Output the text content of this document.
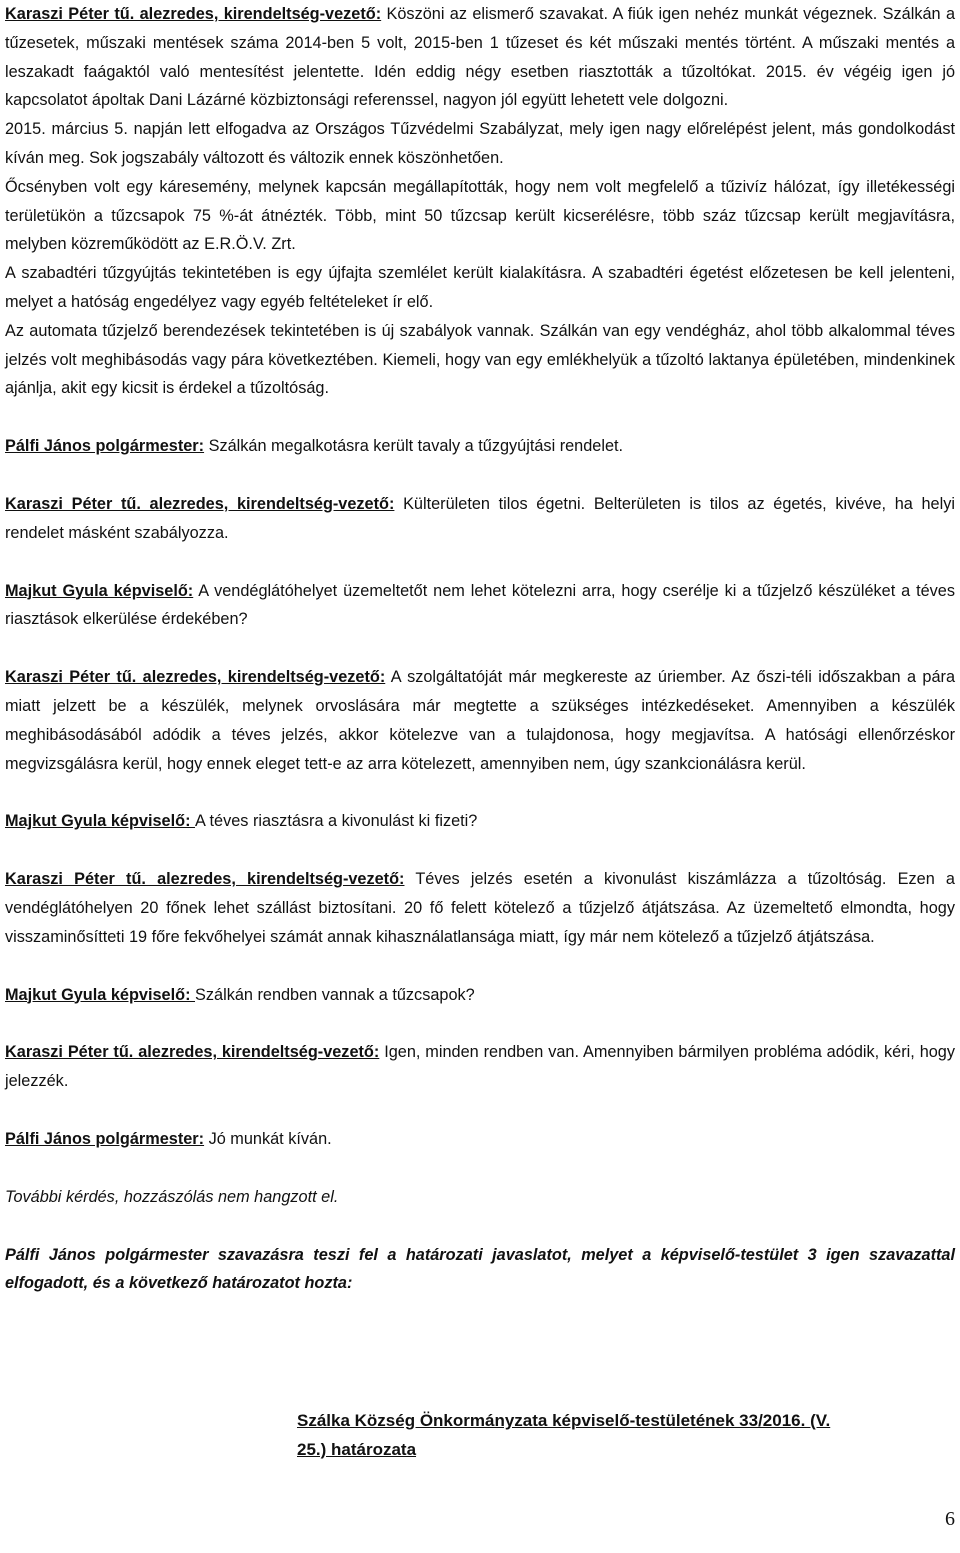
Karaszi Péter tű. alezredes, kirendeltség-vezető: Köszöni az elismerő szavakat. A fiúk igen nehéz munkát végeznek. Szálkán a tűzesetek, műszaki mentések száma 2014-ben 5 volt, 2015-ben 1 tűzeset és két műszaki mentés történt. A műszaki mentés a leszakadt faágaktól való mentesítést jelentette. Idén eddig négy esetben riasztották a tűzoltókat. 2015. év végéig igen jó kapcsolatot ápoltak Dani Lázárné közbiztonsági referenssel, nagyon jól együtt lehetett vele dolgozni.

2015. március 5. napján lett elfogadva az Országos Tűzvédelmi Szabályzat, mely igen nagy előrelépést jelent, más gondolkodást kíván meg. Sok jogszabály változott és változik ennek köszönhetően.

Őcsényben volt egy káresemény, melynek kapcsán megállapították, hogy nem volt megfelelő a tűzivíz hálózat, így illetékességi területükön a tűzcsapok 75 %-át átnézték. Több, mint 50 tűzcsap került kicserélésre, több száz tűzcsap került megjavításra, melyben közreműködött az E.R.Ö.V. Zrt.

A szabadtéri tűzgyújtás tekintetében is egy újfajta szemlélet került kialakításra. A szabadtéri égetést előzetesen be kell jelenteni, melyet a hatóság engedélyez vagy egyéb feltételeket ír elő.

Az automata tűzjelző berendezések tekintetében is új szabályok vannak. Szálkán van egy vendégház, ahol több alkalommal téves jelzés volt meghibásodás vagy pára következtében. Kiemeli, hogy van egy emlékhelyük a tűzoltó laktanya épületében, mindenkinek ajánlja, akit egy kicsit is érdekel a tűzoltóság.

Pálfi János polgármester: Szálkán megalkotásra került tavaly a tűzgyújtási rendelet.

Karaszi Péter tű. alezredes, kirendeltség-vezető: Külterületen tilos égetni. Belterületen is tilos az égetés, kivéve, ha helyi rendelet másként szabályozza.

Majkut Gyula képviselő: A vendéglátóhelyet üzemeltetőt nem lehet kötelezni arra, hogy cserélje ki a tűzjelző készüléket a téves riasztások elkerülése érdekében?

Karaszi Péter tű. alezredes, kirendeltség-vezető: A szolgáltatóját már megkereste az úriember. Az őszi-téli időszakban a pára miatt jelzett be a készülék, melynek orvoslására már megtette a szükséges intézkedéseket. Amennyiben a készülék meghibásodásából adódik a téves jelzés, akkor kötelezve van a tulajdonosa, hogy megjavítsa. A hatósági ellenőrzéskor megvizsgálásra kerül, hogy ennek eleget tett-e az arra kötelezett, amennyiben nem, úgy szankcionálásra kerül.

Majkut Gyula képviselő: A téves riasztásra a kivonulást ki fizeti?

Karaszi Péter tű. alezredes, kirendeltség-vezető: Téves jelzés esetén a kivonulást kiszámlázza a tűzoltóság. Ezen a vendéglátóhelyen 20 főnek lehet szállást biztosítani. 20 fő felett kötelező a tűzjelző átjátszása. Az üzemeltető elmondta, hogy visszaminősítteti 19 főre fekvőhelyei számát annak kihasználatlansága miatt, így már nem kötelező a tűzjelző átjátszása.

Majkut Gyula képviselő: Szálkán rendben vannak a tűzcsapok?

Karaszi Péter tű. alezredes, kirendeltség-vezető: Igen, minden rendben van. Amennyiben bármilyen probléma adódik, kéri, hogy jelezzék.

Pálfi János polgármester: Jó munkát kíván.

További kérdés, hozzászólás nem hangzott el.

Pálfi János polgármester szavazásra teszi fel a határozati javaslatot, melyet a képviselő-testület 3 igen szavazattal elfogadott, és a következő határozatot hozta:

Szálka Község Önkormányzata képviselő-testületének 33/2016. (V.
25.) határozata
6
